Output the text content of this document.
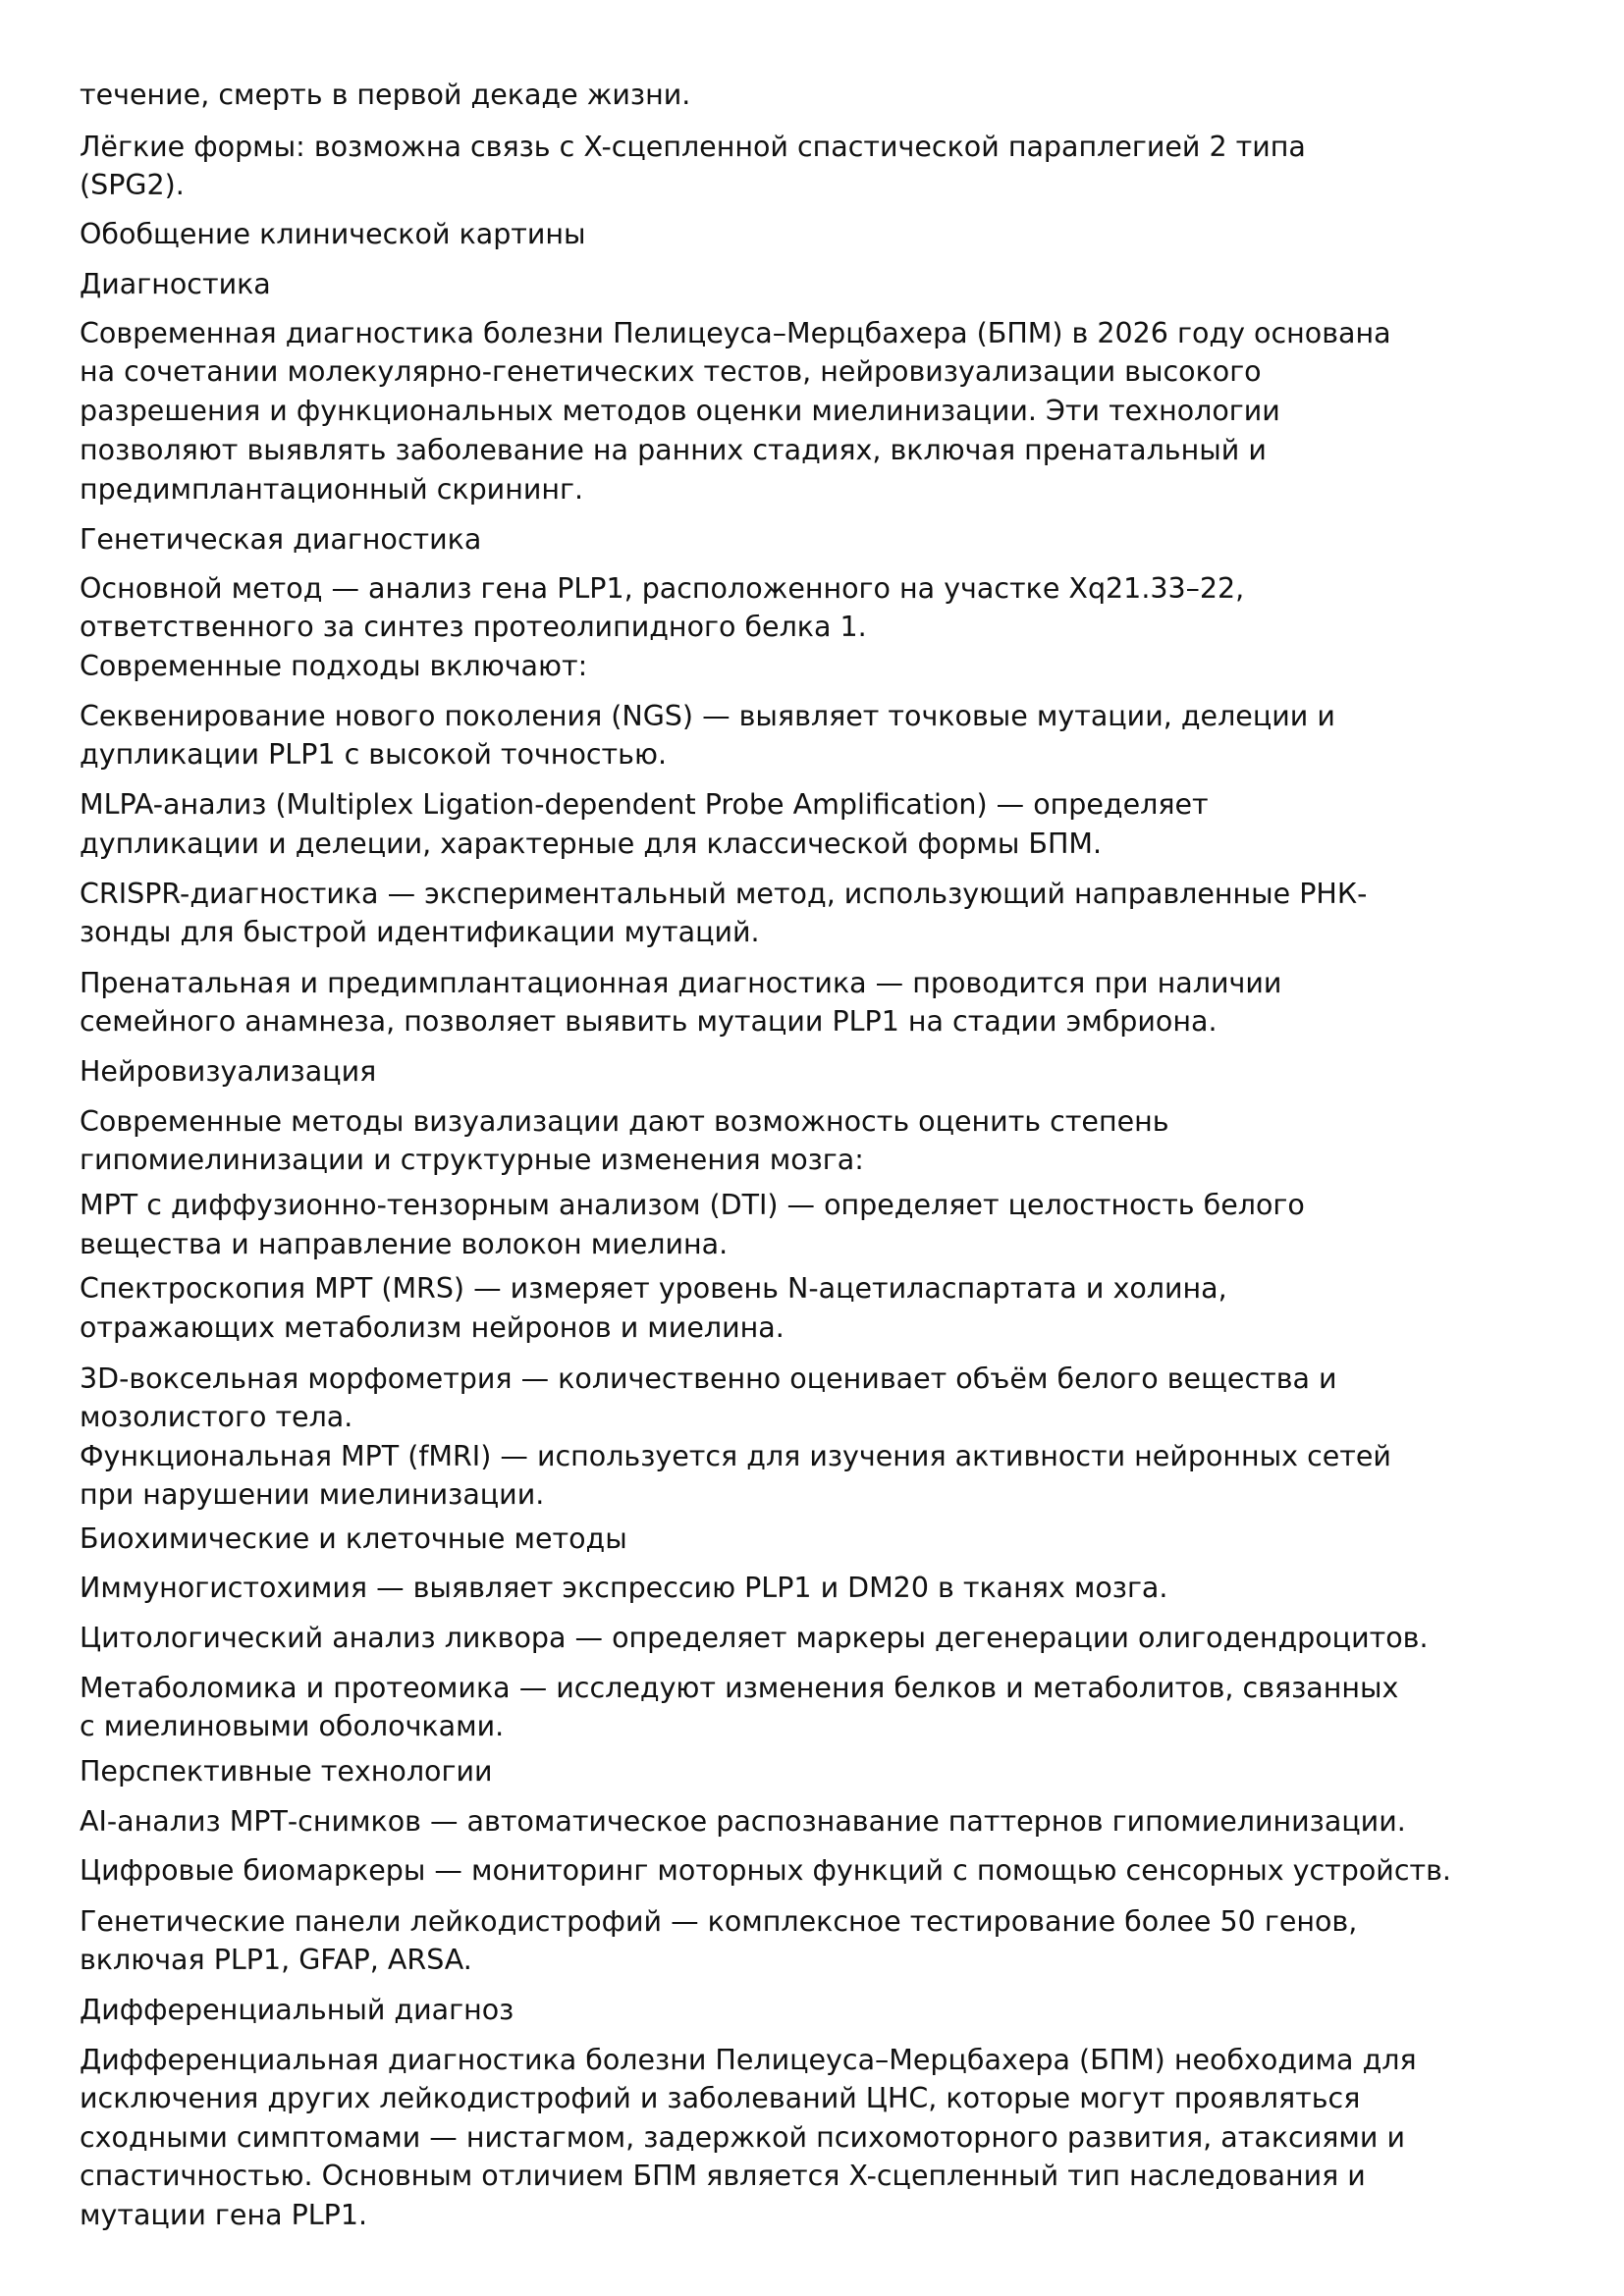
течение, смерть в первой декаде жизни.
Лёгкие формы: возможна связь с X-сцепленной спастической параплегией 2 типа
(SPG2).
Обобщение клинической картины
Диагностика
Современная диагностика болезни Пелицеуса–Мерцбахера (БПМ) в 2026 году основана
на сочетании молекулярно-генетических тестов, нейровизуализации высокого
разрешения и функциональных методов оценки миелинизации. Эти технологии
позволяют выявлять заболевание на ранних стадиях, включая пренатальный и
предимплантационный скрининг.
Генетическая диагностика
Основной метод — анализ гена PLP1, расположенного на участке Xq21.33–22,
ответственного за синтез протеолипидного белка 1.
Современные подходы включают:
Секвенирование нового поколения (NGS) — выявляет точковые мутации, делеции и
дупликации PLP1 с высокой точностью.
MLPA-анализ (Multiplex Ligation-dependent Probe Amplification) — определяет
дупликации и делеции, характерные для классической формы БПМ.
CRISPR-диагностика — экспериментальный метод, использующий направленные РНК-
зонды для быстрой идентификации мутаций.
Пренатальная и предимплантационная диагностика — проводится при наличии
семейного анамнеза, позволяет выявить мутации PLP1 на стадии эмбриона.
Нейровизуализация
Современные методы визуализации дают возможность оценить степень
гипомиелинизации и структурные изменения мозга:
МРТ с диффузионно-тензорным анализом (DTI) — определяет целостность белого
вещества и направление волокон миелина.
Спектроскопия МРТ (MRS) — измеряет уровень N-ацетиласпартата и холина,
отражающих метаболизм нейронов и миелина.
3D-воксельная морфометрия — количественно оценивает объём белого вещества и
мозолистого тела.
Функциональная МРТ (fMRI) — используется для изучения активности нейронных сетей
при нарушении миелинизации.
Биохимические и клеточные методы
Иммуногистохимия — выявляет экспрессию PLP1 и DM20 в тканях мозга.
Цитологический анализ ликвора — определяет маркеры дегенерации олигодендроцитов.
Метаболомика и протеомика — исследуют изменения белков и метаболитов, связанных
с миелиновыми оболочками.
Перспективные технологии
AI-анализ МРТ-снимков — автоматическое распознавание паттернов гипомиелинизации.
Цифровые биомаркеры — мониторинг моторных функций с помощью сенсорных устройств.
Генетические панели лейкодистрофий — комплексное тестирование более 50 генов,
включая PLP1, GFAP, ARSA.
Дифференциальный диагноз
Дифференциальная диагностика болезни Пелицеуса–Мерцбахера (БПМ) необходима для
исключения других лейкодистрофий и заболеваний ЦНС, которые могут проявляться
сходными симптомами — нистагмом, задержкой психомоторного развития, атаксиями и
спастичностью. Основным отличием БПМ является X-сцепленный тип наследования и
мутации гена PLP1.
